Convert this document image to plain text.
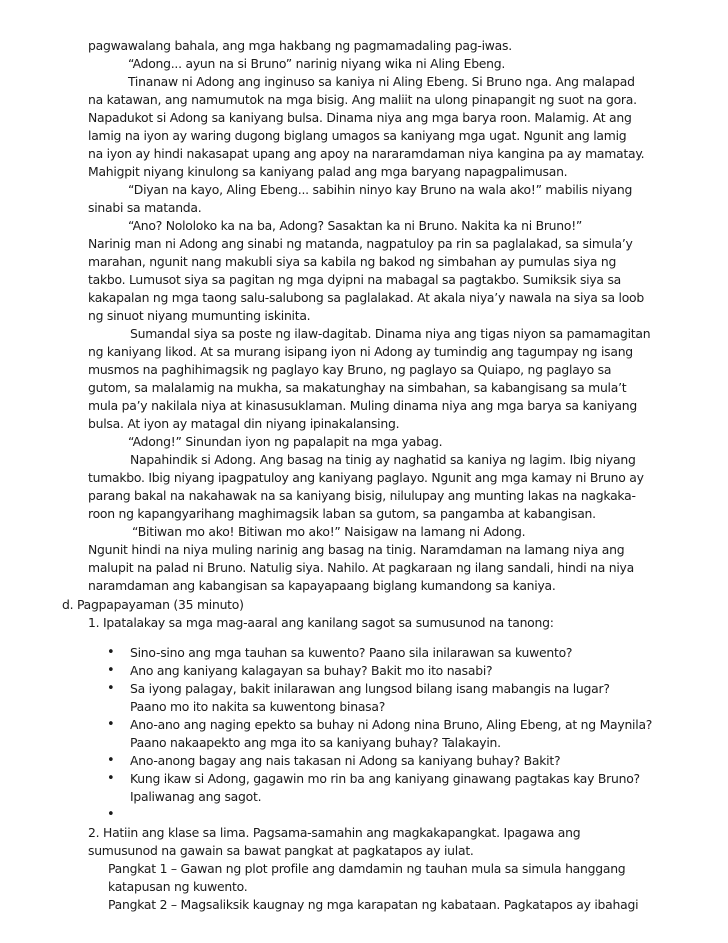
pagwawalang bahala, ang mga hakbang ng pagmamadaling pag-iwas.
“Adong... ayun na si Bruno” narinig niyang wika ni Aling Ebeng.
Tinanaw ni Adong ang inginuso sa kaniya ni Aling Ebeng. Si Bruno nga. Ang malapad
na katawan, ang namumutok na mga bisig. Ang maliit na ulong pinapangit ng suot na gora.
Napadukot si Adong sa kaniyang bulsa. Dinama niya ang mga barya roon. Malamig. At ang
lamig na iyon ay waring dugong biglang umagos sa kaniyang mga ugat. Ngunit ang lamig
na iyon ay hindi nakasapat upang ang apoy na nararamdaman niya kangina pa ay mamatay.
Mahigpit niyang kinulong sa kaniyang palad ang mga baryang napagpalimusan.
“Diyan na kayo, Aling Ebeng... sabihin ninyo kay Bruno na wala ako!” mabilis niyang
sinabi sa matanda.
“Ano? Nololoko ka na ba, Adong? Sasaktan ka ni Bruno. Nakita ka ni Bruno!”
Narinig man ni Adong ang sinabi ng matanda, nagpatuloy pa rin sa paglalakad, sa simula’y
marahan, ngunit nang makubli siya sa kabila ng bakod ng simbahan ay pumulas siya ng
takbo. Lumusot siya sa pagitan ng mga dyipni na mabagal sa pagtakbo. Sumiksik siya sa
kakapalan ng mga taong salu-salubong sa paglalakad. At akala niya’y nawala na siya sa loob
ng sinuot niyang mumunting iskinita.
Sumandal siya sa poste ng ilaw-dagitab. Dinama niya ang tigas niyon sa pamamagitan
ng kaniyang likod. At sa murang isipang iyon ni Adong ay tumindig ang tagumpay ng isang
musmos na paghihimagsik ng paglayo kay Bruno, ng paglayo sa Quiapo, ng paglayo sa
gutom, sa malalamig na mukha, sa makatunghay na simbahan, sa kabangisang sa mula’t
mula pa’y nakilala niya at kinasusuklaman. Muling dinama niya ang mga barya sa kaniyang
bulsa. At iyon ay matagal din niyang ipinakalansing.
“Adong!” Sinundan iyon ng papalapit na mga yabag.
Napahindik si Adong. Ang basag na tinig ay naghatid sa kaniya ng lagim. Ibig niyang
tumakbo. Ibig niyang ipagpatuloy ang kaniyang paglayo. Ngunit ang mga kamay ni Bruno ay
parang bakal na nakahawak na sa kaniyang bisig, nilulupay ang munting lakas na nagkaka-
roon ng kapangyarihang maghimagsik laban sa gutom, sa pangamba at kabangisan.
“Bitiwan mo ako! Bitiwan mo ako!” Naisigaw na lamang ni Adong.
Ngunit hindi na niya muling narinig ang basag na tinig. Naramdaman na lamang niya ang
malupit na palad ni Bruno. Natulig siya. Nahilo. At pagkaraan ng ilang sandali, hindi na niya
naramdaman ang kabangisan sa kapayapaang biglang kumandong sa kaniya.
d. Pagpapayaman (35 minuto)
1. Ipatalakay sa mga mag-aaral ang kanilang sagot sa sumusunod na tanong:
• Sino-sino ang mga tauhan sa kuwento? Paano sila inilarawan sa kuwento?
• Ano ang kaniyang kalagayan sa buhay? Bakit mo ito nasabi?
• Sa iyong palagay, bakit inilarawan ang lungsod bilang isang mabangis na lugar?
Paano mo ito nakita sa kuwentong binasa?
• Ano-ano ang naging epekto sa buhay ni Adong nina Bruno, Aling Ebeng, at ng Maynila?
Paano nakaapekto ang mga ito sa kaniyang buhay? Talakayin.
• Ano-anong bagay ang nais takasan ni Adong sa kaniyang buhay? Bakit?
• Kung ikaw si Adong, gagawin mo rin ba ang kaniyang ginawang pagtakas kay Bruno?
Ipaliwanag ang sagot.
•
2. Hatiin ang klase sa lima. Pagsama-samahin ang magkakapangkat. Ipagawa ang
sumusunod na gawain sa bawat pangkat at pagkatapos ay iulat.
Pangkat 1 – Gawan ng plot profile ang damdamin ng tauhan mula sa simula hanggang
katapusan ng kuwento.
Pangkat 2 – Magsaliksik kaugnay ng mga karapatan ng kabataan. Pagkatapos ay ibahagi
